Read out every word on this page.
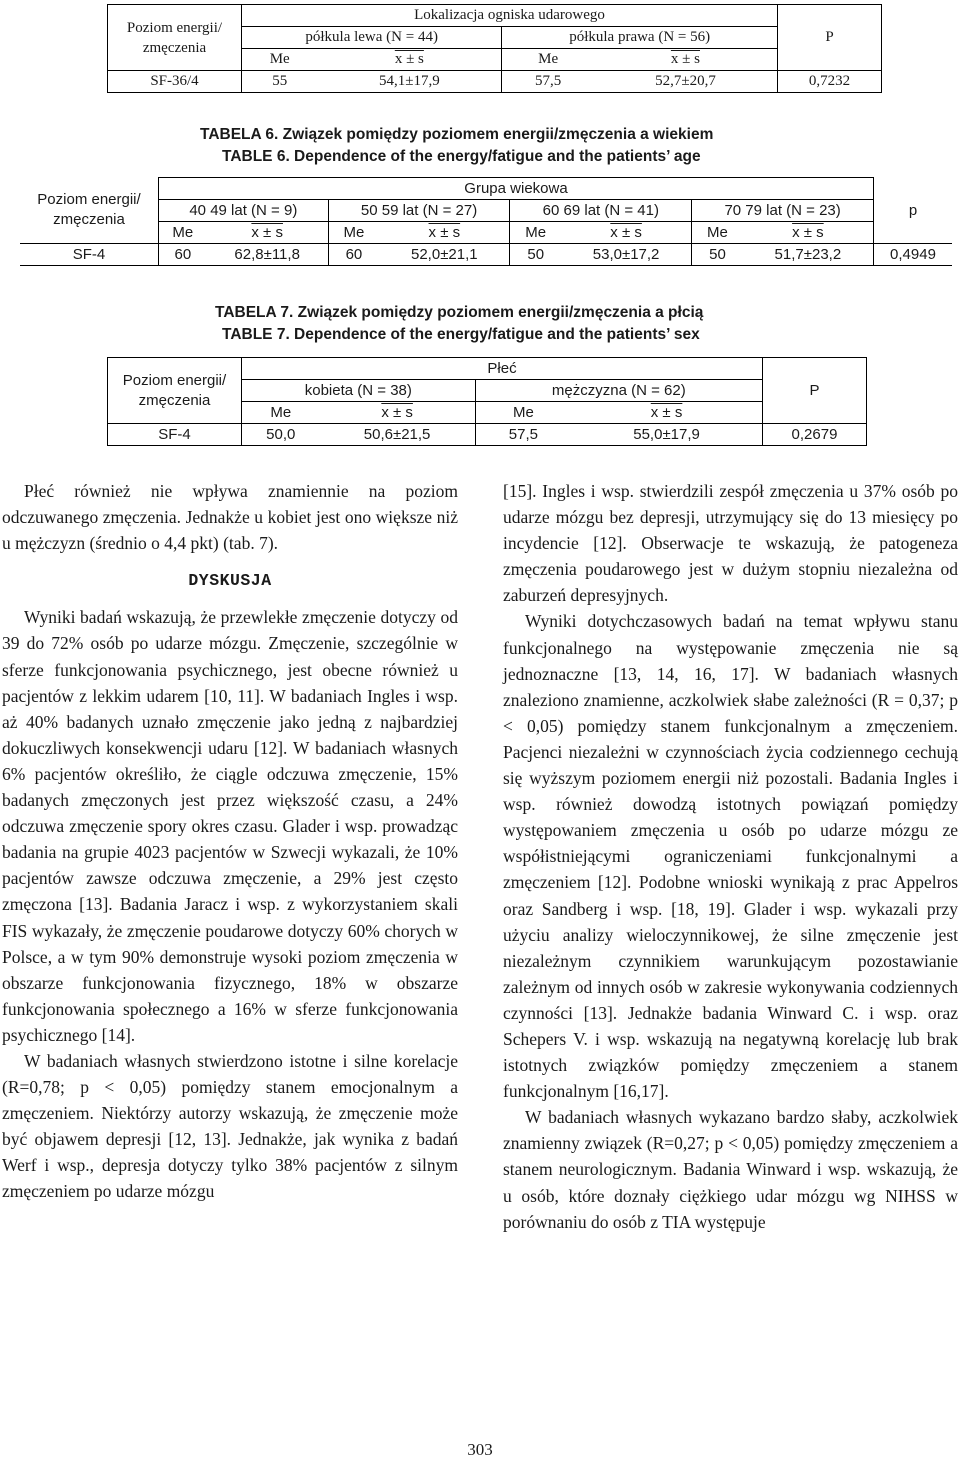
Poziom energii/ zmęczenia	Lokalizacja ogniska udarowego				P
	półkula lewa (N = 44)		półkula prawa (N = 56)		
	Me	x ± s	Me	x ± s	
SF-36/4	55	54,1±17,9	57,5	52,7±20,7	0,7232
TABELA 6. Związek pomiędzy poziomem energii/zmęczenia a wiekiem
TABLE 6. Dependence of the energy/fatigue and the patients’ age
Poziom energii/ zmęczenia	Grupa wiekowa								p
	40 49 lat (N = 9)		50 59 lat (N = 27)		60 69 lat (N = 41)		70 79 lat (N = 23)		
	Me	x ± s	Me	x ± s	Me	x ± s	Me	x ± s	
SF-4	60	62,8±11,8	60	52,0±21,1	50	53,0±17,2	50	51,7±23,2	0,4949
TABELA 7. Związek pomiędzy poziomem energii/zmęczenia a płcią
TABLE 7. Dependence of the energy/fatigue and the patients’ sex
Poziom energii/ zmęczenia	Płeć				P
	kobieta (N = 38)		mężczyzna (N = 62)		
	Me	x ± s	Me	x ± s	
SF-4	50,0	50,6±21,5	57,5	55,0±17,9	0,2679

Płeć również nie wpływa znamiennie na poziom odczuwanego zmęczenia. Jednakże u kobiet jest ono większe niż u mężczyzn (średnio o 4,4 pkt) (tab. 7).

DYSKUSJA

Wyniki badań wskazują, że przewlekłe zmęczenie dotyczy od 39 do 72% osób po udarze mózgu. Zmęczenie, szczególnie w sferze funkcjonowania psychicznego, jest obecne również u pacjentów z lekkim udarem [10, 11]. W badaniach Ingles i wsp. aż 40% badanych uznało zmęczenie jako jedną z najbardziej dokuczliwych konsekwencji udaru [12]. W badaniach własnych 6% pacjentów określiło, że ciągle odczuwa zmęczenie, 15% badanych zmęczonych jest przez większość czasu, a 24% odczuwa zmęczenie spory okres czasu. Glader i wsp. prowadząc badania na grupie 4023 pacjentów w Szwecji wykazali, że 10% pacjentów zawsze odczuwa zmęczenie, a 29% jest często zmęczona [13]. Badania Jaracz i wsp. z wykorzystaniem skali FIS wykazały, że zmęczenie poudarowe dotyczy 60% chorych w Polsce, a w tym 90% demonstruje wysoki poziom zmęczenia w obszarze funkcjonowania fizycznego, 18% w obszarze funkcjonowania społecznego a 16% w sferze funkcjonowania psychicznego [14].

W badaniach własnych stwierdzono istotne i silne korelacje (R=0,78; p < 0,05) pomiędzy stanem emocjonalnym a zmęczeniem. Niektórzy autorzy wskazują, że zmęczenie może być objawem depresji [12, 13]. Jednakże, jak wynika z badań Werf i wsp., depresja dotyczy tylko 38% pacjentów z silnym zmęczeniem po udarze mózgu

[15]. Ingles i wsp. stwierdzili zespół zmęczenia u 37% osób po udarze mózgu bez depresji, utrzymujący się do 13 miesięcy po incydencie [12]. Obserwacje te wskazują, że patogeneza zmęczenia poudarowego jest w dużym stopniu niezależna od zaburzeń depresyjnych.

Wyniki dotychczasowych badań na temat wpływu stanu funkcjonalnego na występowanie zmęczenia nie są jednoznaczne [13, 14, 16, 17]. W badaniach własnych znaleziono znamienne, aczkolwiek słabe zależności (R = 0,37; p < 0,05) pomiędzy stanem funkcjonalnym a zmęczeniem. Pacjenci niezależni w czynnościach życia codziennego cechują się wyższym poziomem energii niż pozostali. Badania Ingles i wsp. również dowodzą istotnych powiązań pomiędzy występowaniem zmęczenia u osób po udarze mózgu ze współistniejącymi ograniczeniami funkcjonalnymi a zmęczeniem [12]. Podobne wnioski wynikają z prac Appelros oraz Sandberg i wsp. [18, 19]. Glader i wsp. wykazali przy użyciu analizy wieloczynnikowej, że silne zmęczenie jest niezależnym czynnikiem warunkującym pozostawianie zależnym od innych osób w zakresie wykonywania codziennych czynności [13]. Jednakże badania Winward C. i wsp. oraz Schepers V. i wsp. wskazują na negatywną korelację lub brak istotnych związków pomiędzy zmęczeniem a stanem funkcjonalnym [16,17].

W badaniach własnych wykazano bardzo słaby, aczkolwiek znamienny związek (R=0,27; p < 0,05) pomiędzy zmęczeniem a stanem neurologicznym. Badania Winward i wsp. wskazują, że u osób, które doznały ciężkiego udar mózgu wg NIHSS w porównaniu do osób z TIA występuje

303
